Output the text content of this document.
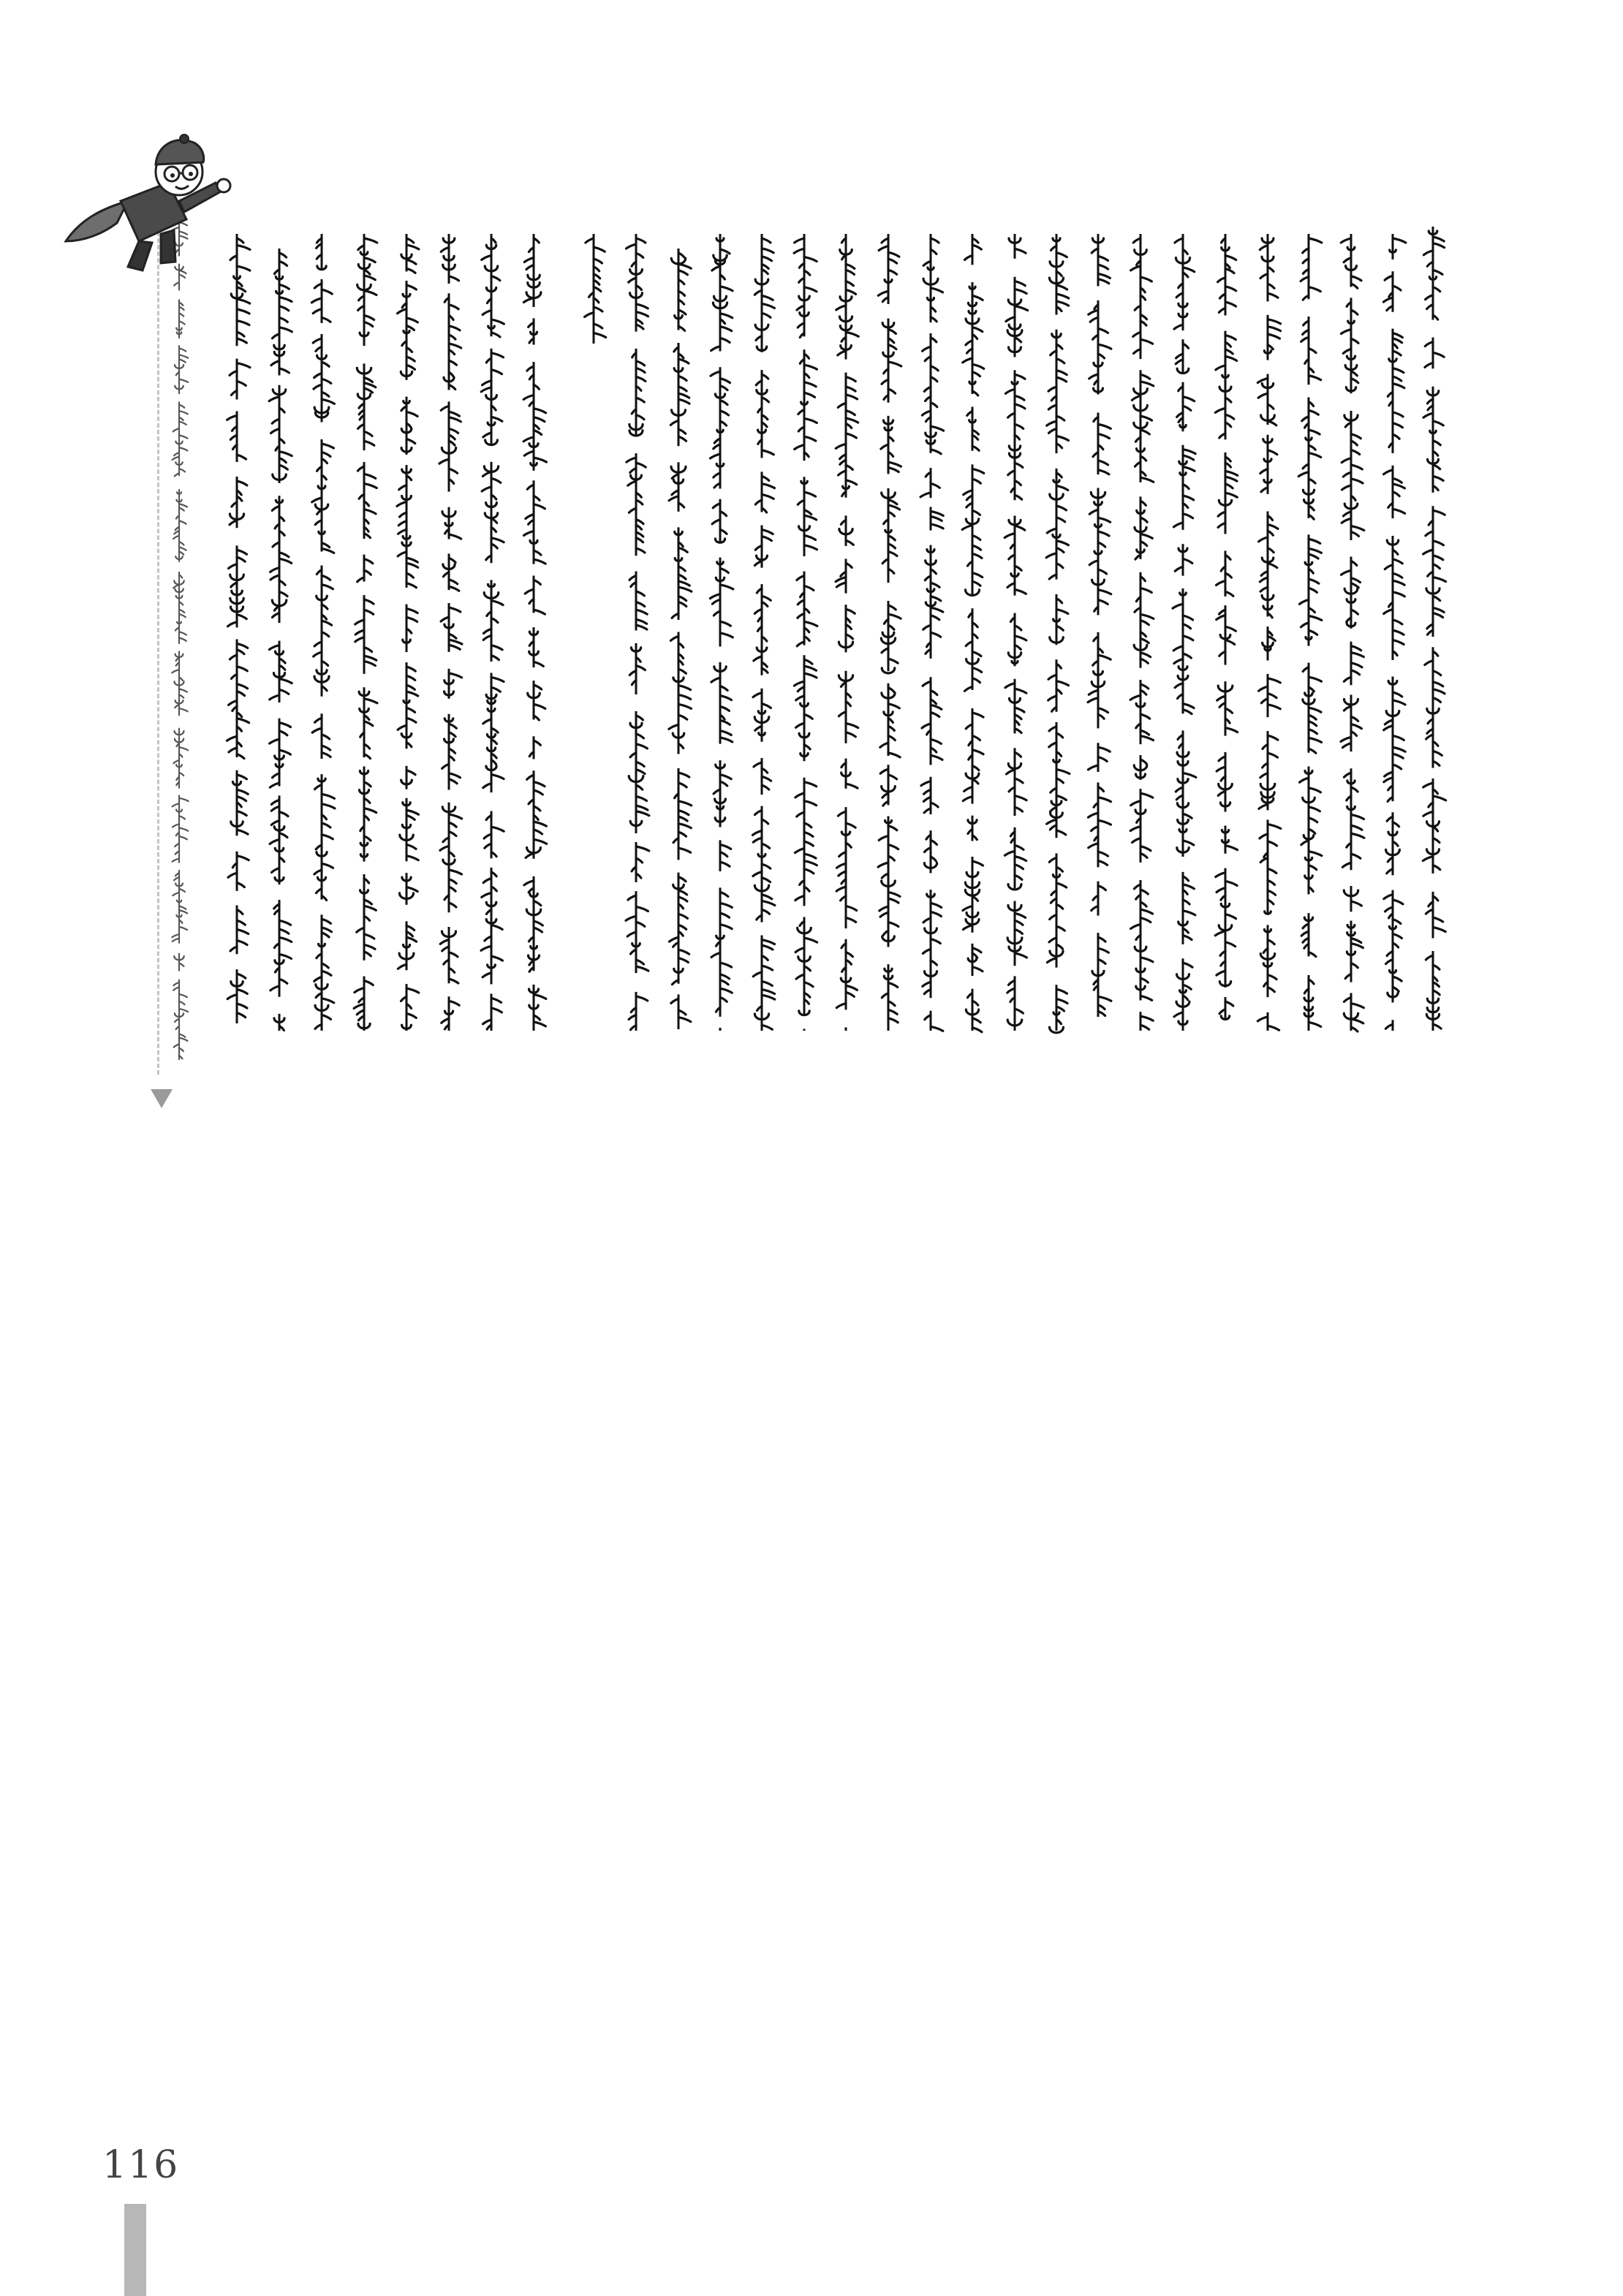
116
